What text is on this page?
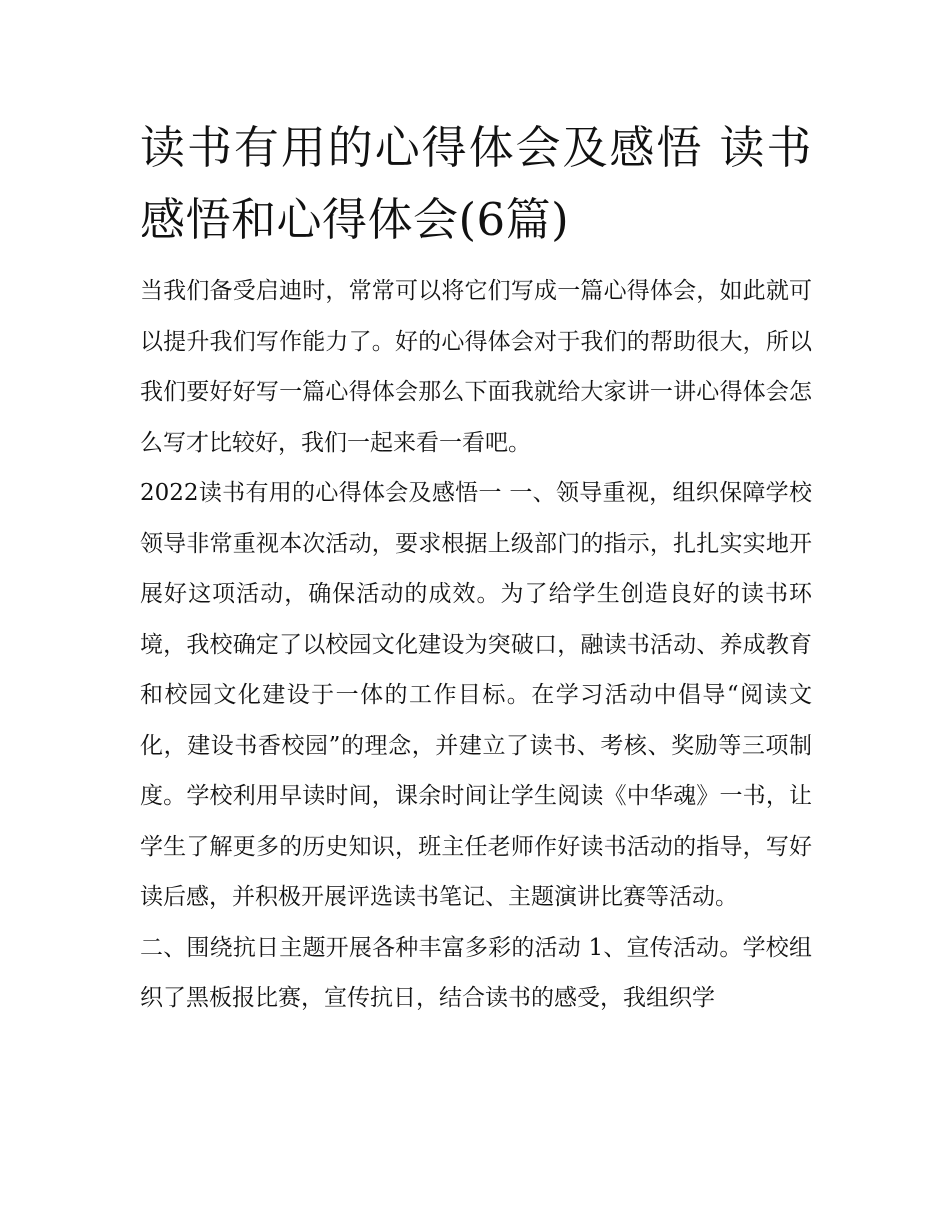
读书有用的心得体会及感悟 读书感悟和心得体会(6篇)

当我们备受启迪时，常常可以将它们写成一篇心得体会，如此就可以提升我们写作能力了。好的心得体会对于我们的帮助很大，所以我们要好好写一篇心得体会那么下面我就给大家讲一讲心得体会怎么写才比较好，我们一起来看一看吧。

2022读书有用的心得体会及感悟一 一、领导重视，组织保障学校领导非常重视本次活动，要求根据上级部门的指示，扎扎实实地开展好这项活动，确保活动的成效。为了给学生创造良好的读书环境，我校确定了以校园文化建设为突破口，融读书活动、养成教育和校园文化建设于一体的工作目标。在学习活动中倡导“阅读文化，建设书香校园”的理念，并建立了读书、考核、奖励等三项制度。学校利用早读时间，课余时间让学生阅读《中华魂》一书，让学生了解更多的历史知识，班主任老师作好读书活动的指导，写好读后感，并积极开展评选读书笔记、主题演讲比赛等活动。

二、围绕抗日主题开展各种丰富多彩的活动 1、宣传活动。学校组织了黑板报比赛，宣传抗日，结合读书的感受，我组织学
